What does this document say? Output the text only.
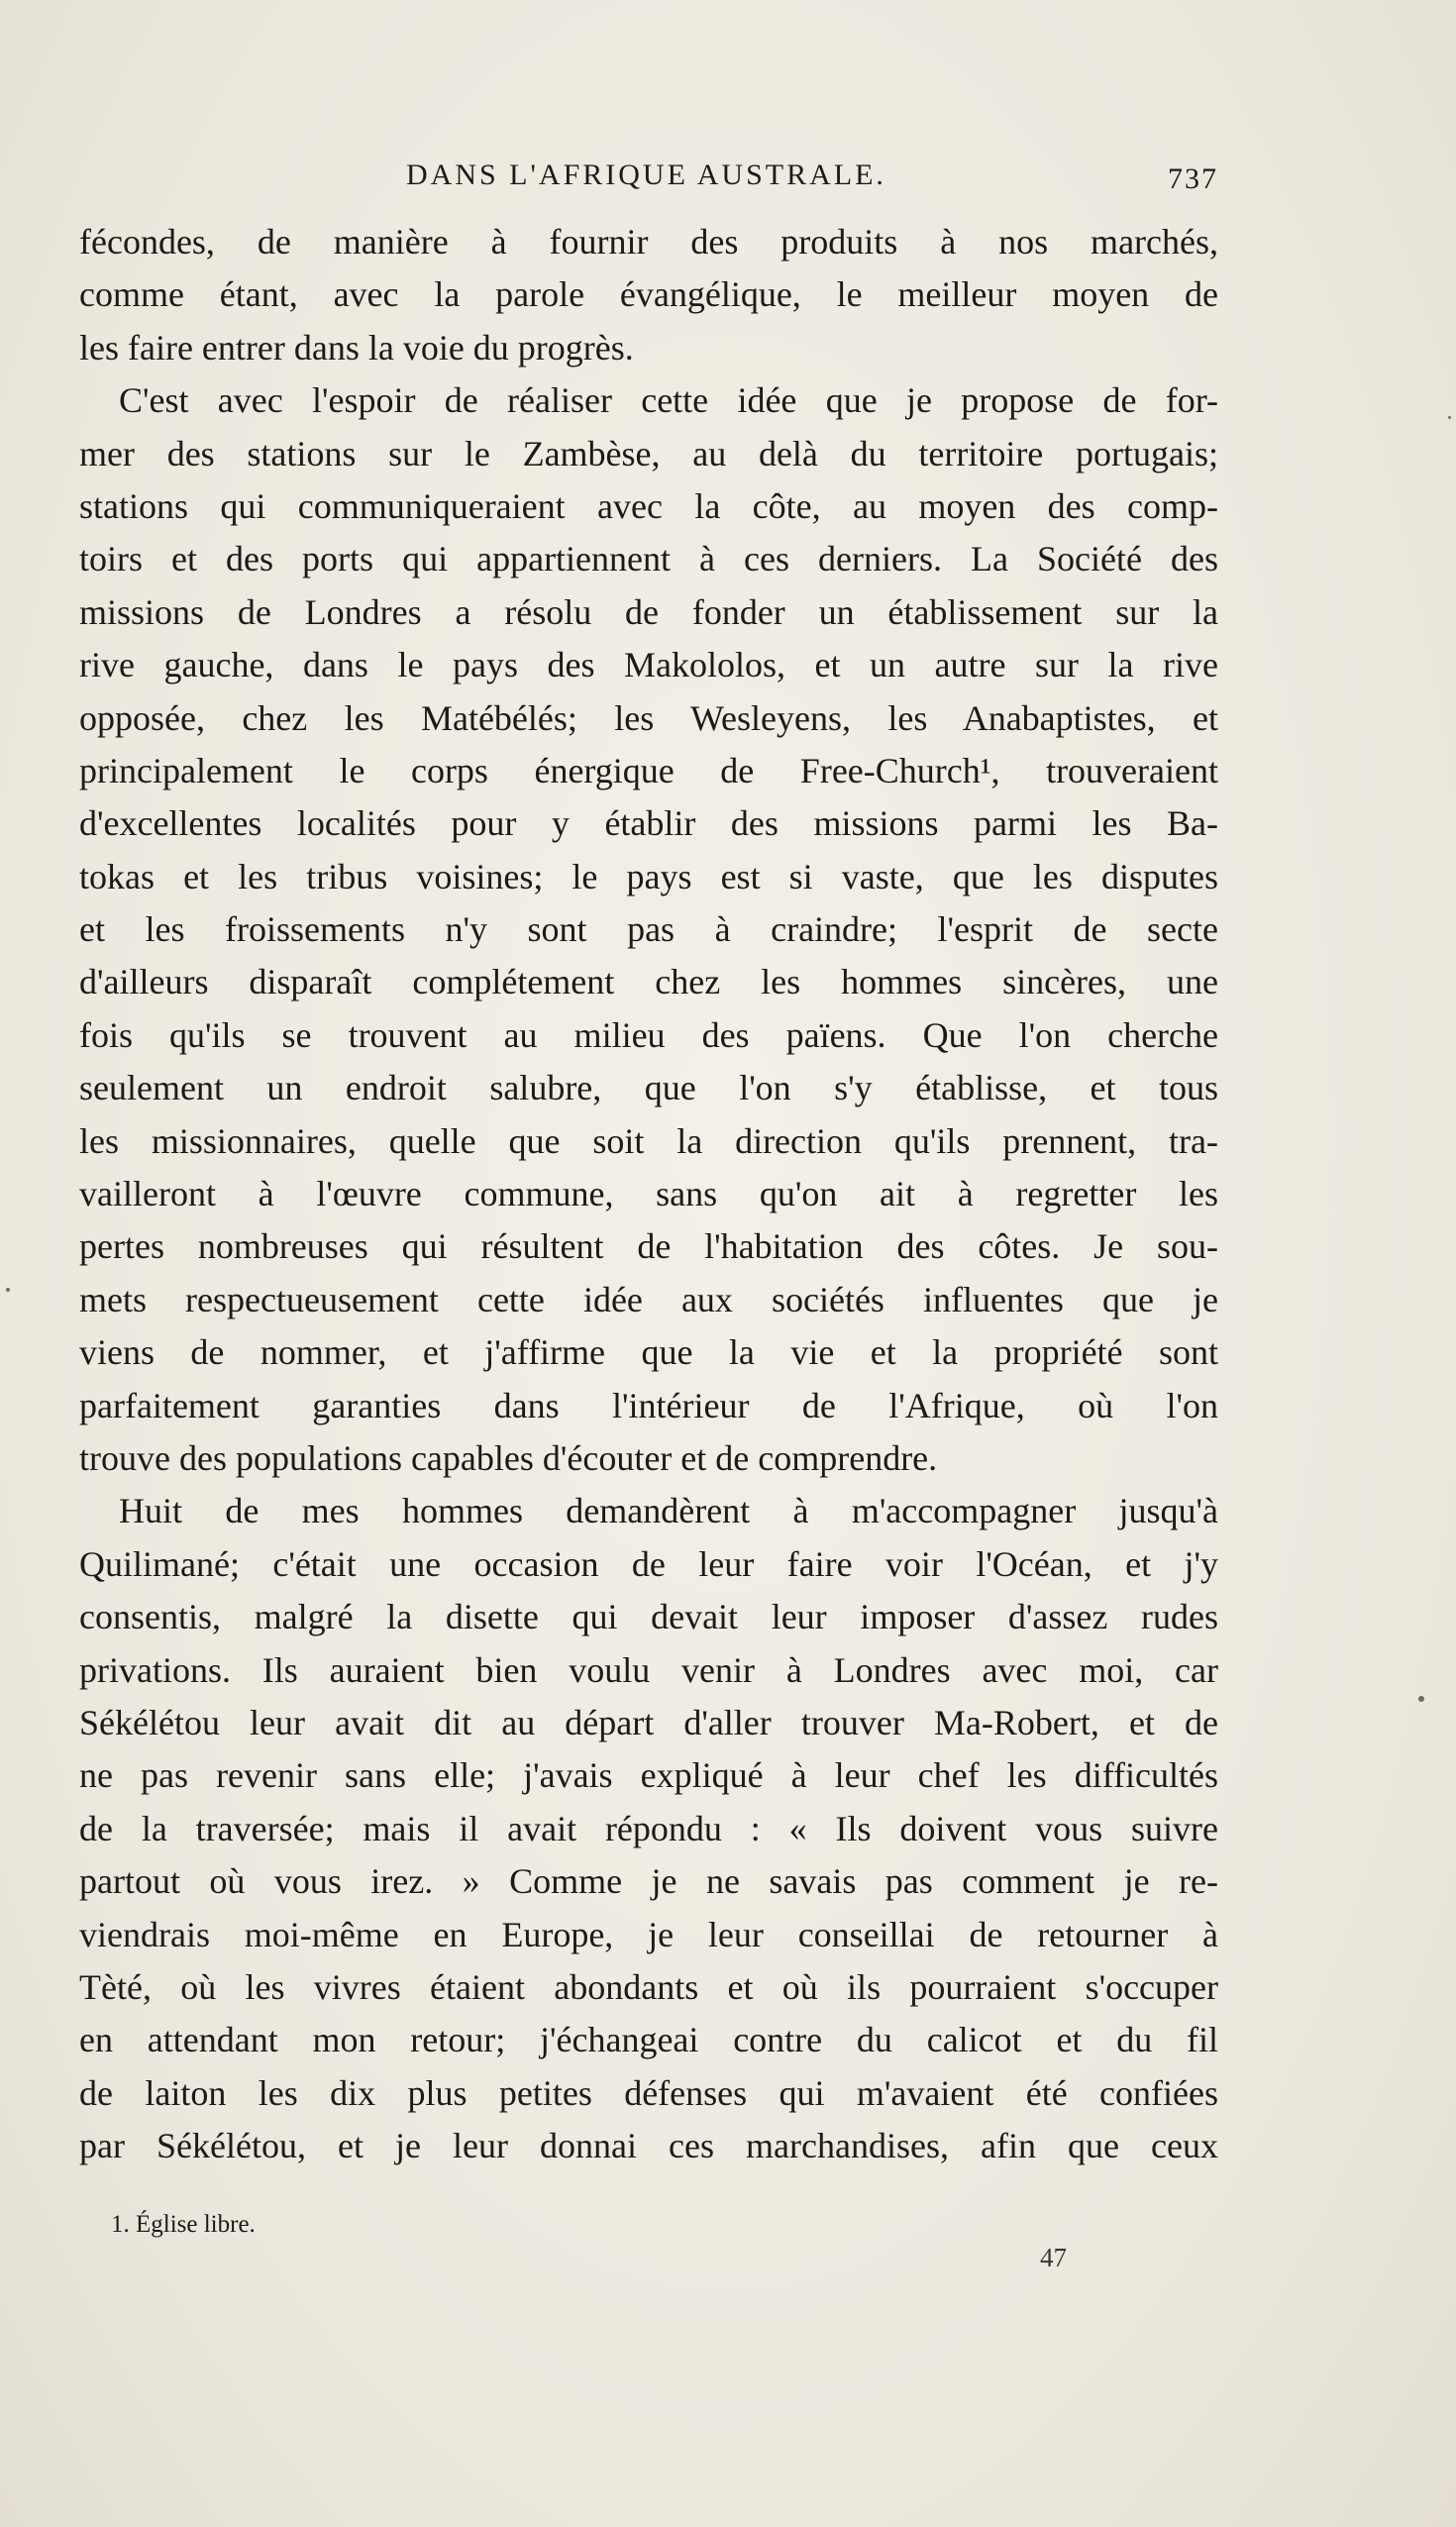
DANS L'AFRIQUE AUSTRALE.	737
fécondes, de manière à fournir des produits à nos marchés,
comme étant, avec la parole évangélique, le meilleur moyen de
les faire entrer dans la voie du progrès.
C'est avec l'espoir de réaliser cette idée que je propose de for-
mer des stations sur le Zambèse, au delà du territoire portugais;
stations qui communiqueraient avec la côte, au moyen des comp-
toirs et des ports qui appartiennent à ces derniers. La Société des
missions de Londres a résolu de fonder un établissement sur la
rive gauche, dans le pays des Makololos, et un autre sur la rive
opposée, chez les Matébélés; les Wesleyens, les Anabaptistes, et
principalement le corps énergique de Free-Church¹, trouveraient
d'excellentes localités pour y établir des missions parmi les Ba-
tokas et les tribus voisines; le pays est si vaste, que les disputes
et les froissements n'y sont pas à craindre; l'esprit de secte
d'ailleurs disparaît complétement chez les hommes sincères, une
fois qu'ils se trouvent au milieu des païens. Que l'on cherche
seulement un endroit salubre, que l'on s'y établisse, et tous
les missionnaires, quelle que soit la direction qu'ils prennent, tra-
vailleront à l'œuvre commune, sans qu'on ait à regretter les
pertes nombreuses qui résultent de l'habitation des côtes. Je sou-
mets respectueusement cette idée aux sociétés influentes que je
viens de nommer, et j'affirme que la vie et la propriété sont
parfaitement garanties dans l'intérieur de l'Afrique, où l'on
trouve des populations capables d'écouter et de comprendre.
Huit de mes hommes demandèrent à m'accompagner jusqu'à
Quilimané; c'était une occasion de leur faire voir l'Océan, et j'y
consentis, malgré la disette qui devait leur imposer d'assez rudes
privations. Ils auraient bien voulu venir à Londres avec moi, car
Sékélétou leur avait dit au départ d'aller trouver Ma-Robert, et de
ne pas revenir sans elle; j'avais expliqué à leur chef les difficultés
de la traversée; mais il avait répondu : « Ils doivent vous suivre
partout où vous irez. » Comme je ne savais pas comment je re-
viendrais moi-même en Europe, je leur conseillai de retourner à
Tèté, où les vivres étaient abondants et où ils pourraient s'occuper
en attendant mon retour; j'échangeai contre du calicot et du fil
de laiton les dix plus petites défenses qui m'avaient été confiées
par Sékélétou, et je leur donnai ces marchandises, afin que ceux
1. Église libre.
47
